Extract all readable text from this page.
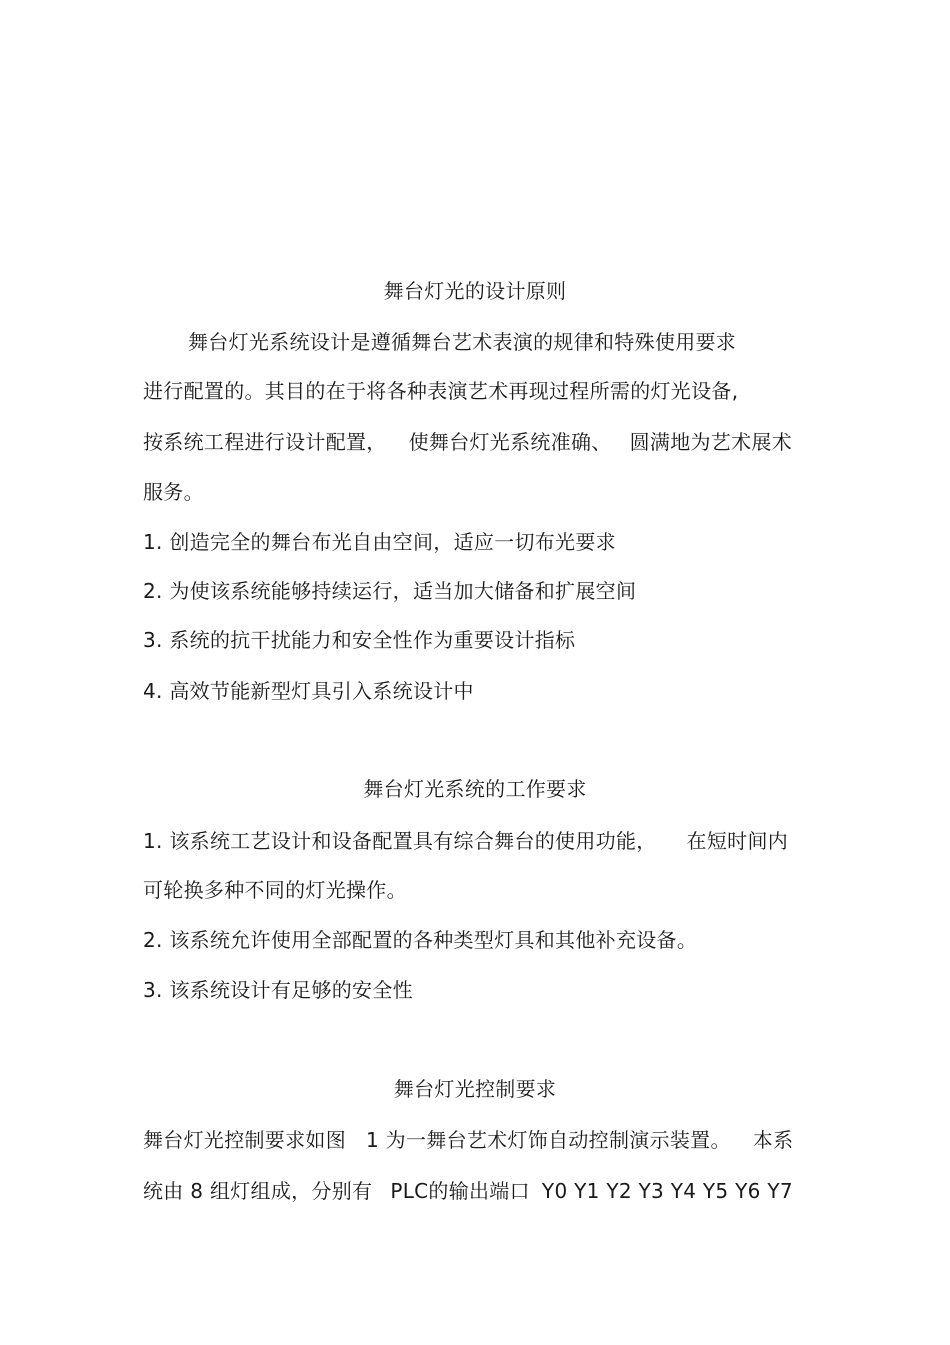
舞台灯光的设计原则
舞台灯光系统设计是遵循舞台艺术表演的规律和特殊使用要求
进行配置的。其目的在于将各种表演艺术再现过程所需的灯光设备,
按系统工程进行设计配置， 使舞台灯光系统准确、 圆满地为艺术展术
服务。
1. 创造完全的舞台布光自由空间，适应一切布光要求
2. 为使该系统能够持续运行，适当加大储备和扩展空间
3. 系统的抗干扰能力和安全性作为重要设计指标
4. 高效节能新型灯具引入系统设计中
舞台灯光系统的工作要求
1. 该系统工艺设计和设备配置具有综合舞台的使用功能， 在短时间内
可轮换多种不同的灯光操作。
2. 该系统允许使用全部配置的各种类型灯具和其他补充设备。
3. 该系统设计有足够的安全性
舞台灯光控制要求
舞台灯光控制要求如图 1 为一舞台艺术灯饰自动控制演示装置。 本系
统由 8 组灯组成，分别有 PLC的输出端口 Y0 Y1 Y2 Y3 Y4 Y5 Y6 Y7
